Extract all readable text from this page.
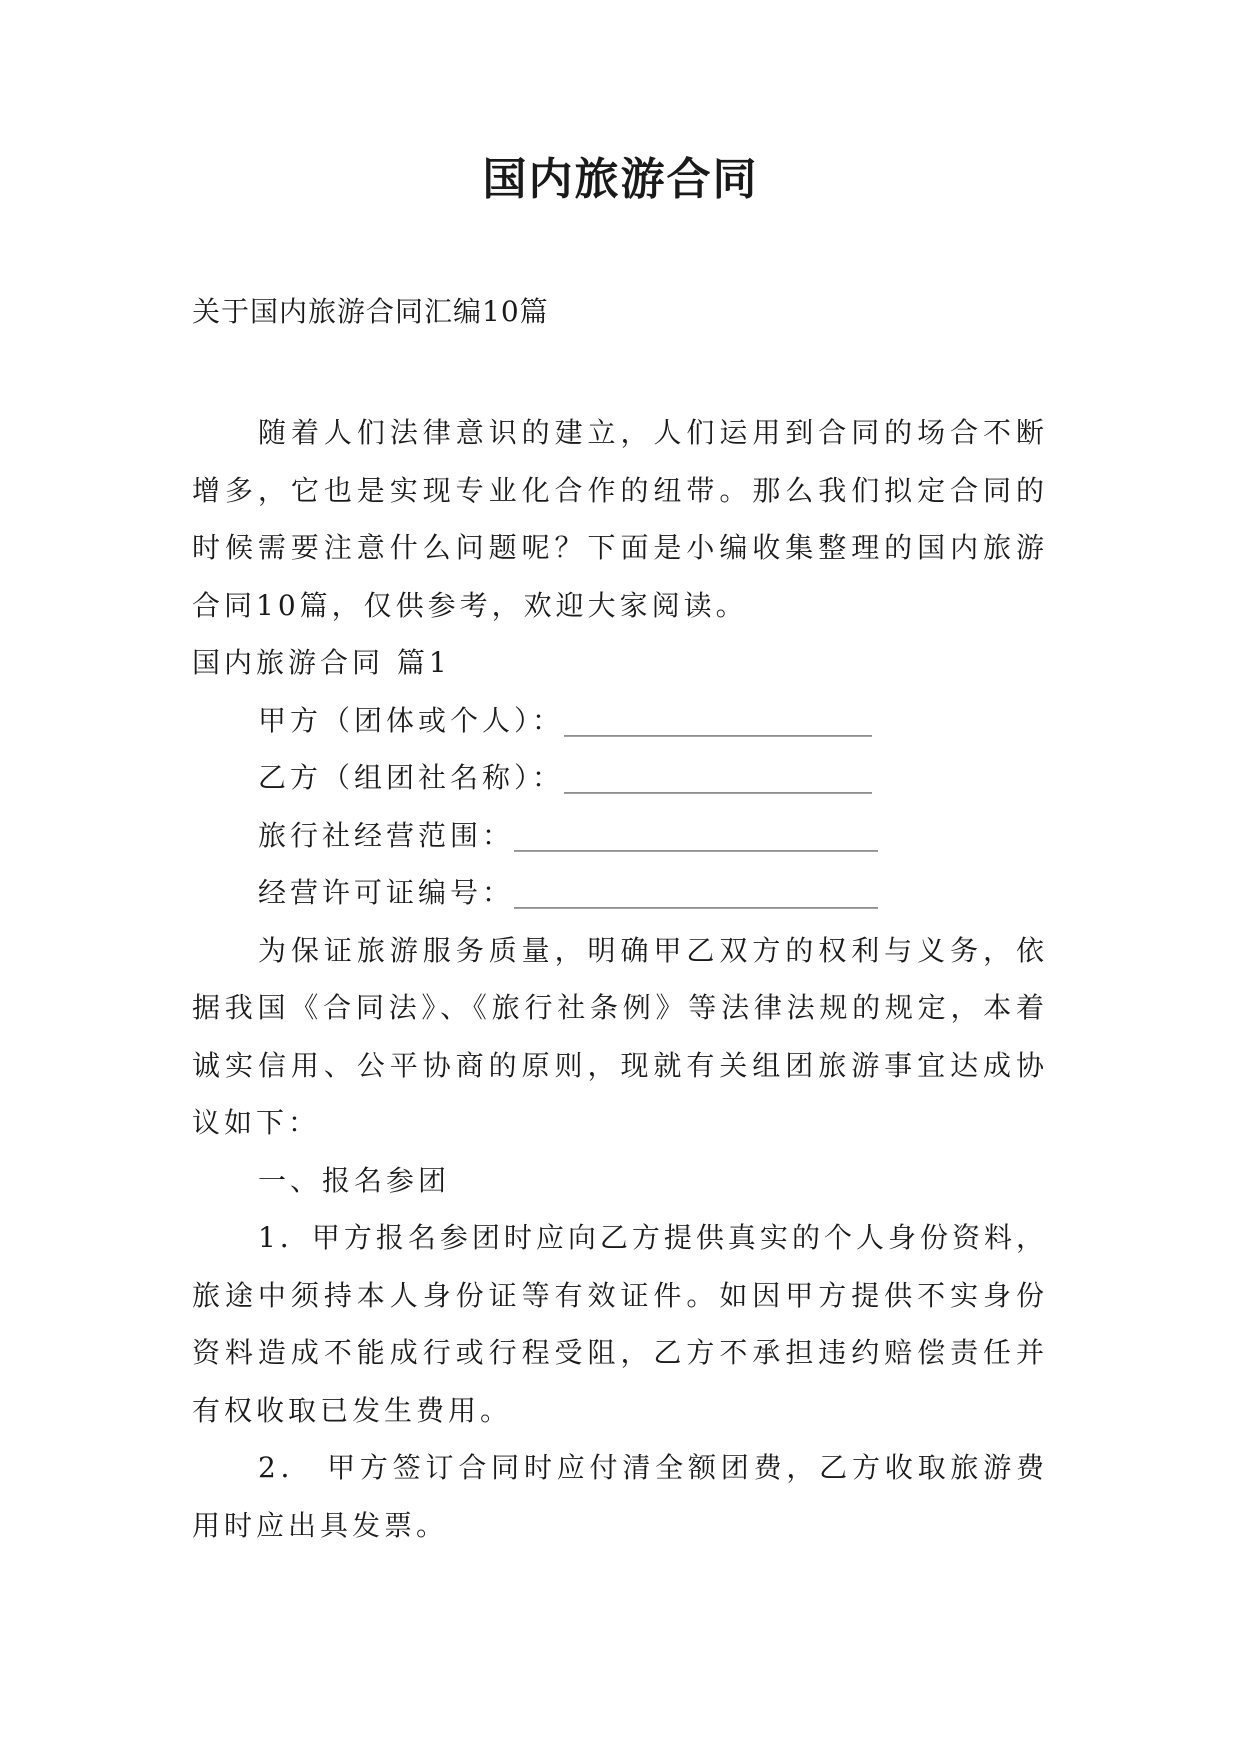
国内旅游合同
关于国内旅游合同汇编10篇

随着人们法律意识的建立，人们运用到合同的场合不断增多，它也是实现专业化合作的纽带。那么我们拟定合同的时候需要注意什么问题呢？下面是小编收集整理的国内旅游合同10篇，仅供参考，欢迎大家阅读。

国内旅游合同 篇1

甲方（团体或个人）：______________________

乙方（组团社名称）：______________________

旅行社经营范围：__________________________

经营许可证编号：__________________________

为保证旅游服务质量，明确甲乙双方的权利与义务，依据我国《合同法》、《旅行社条例》等法律法规的规定，本着诚实信用、公平协商的原则，现就有关组团旅游事宜达成协议如下：

一、报名参团

1．甲方报名参团时应向乙方提供真实的个人身份资料，旅途中须持本人身份证等有效证件。如因甲方提供不实身份资料造成不能成行或行程受阻，乙方不承担违约赔偿责任并有权收取已发生费用。

2． 甲方签订合同时应付清全额团费，乙方收取旅游费用时应出具发票。
